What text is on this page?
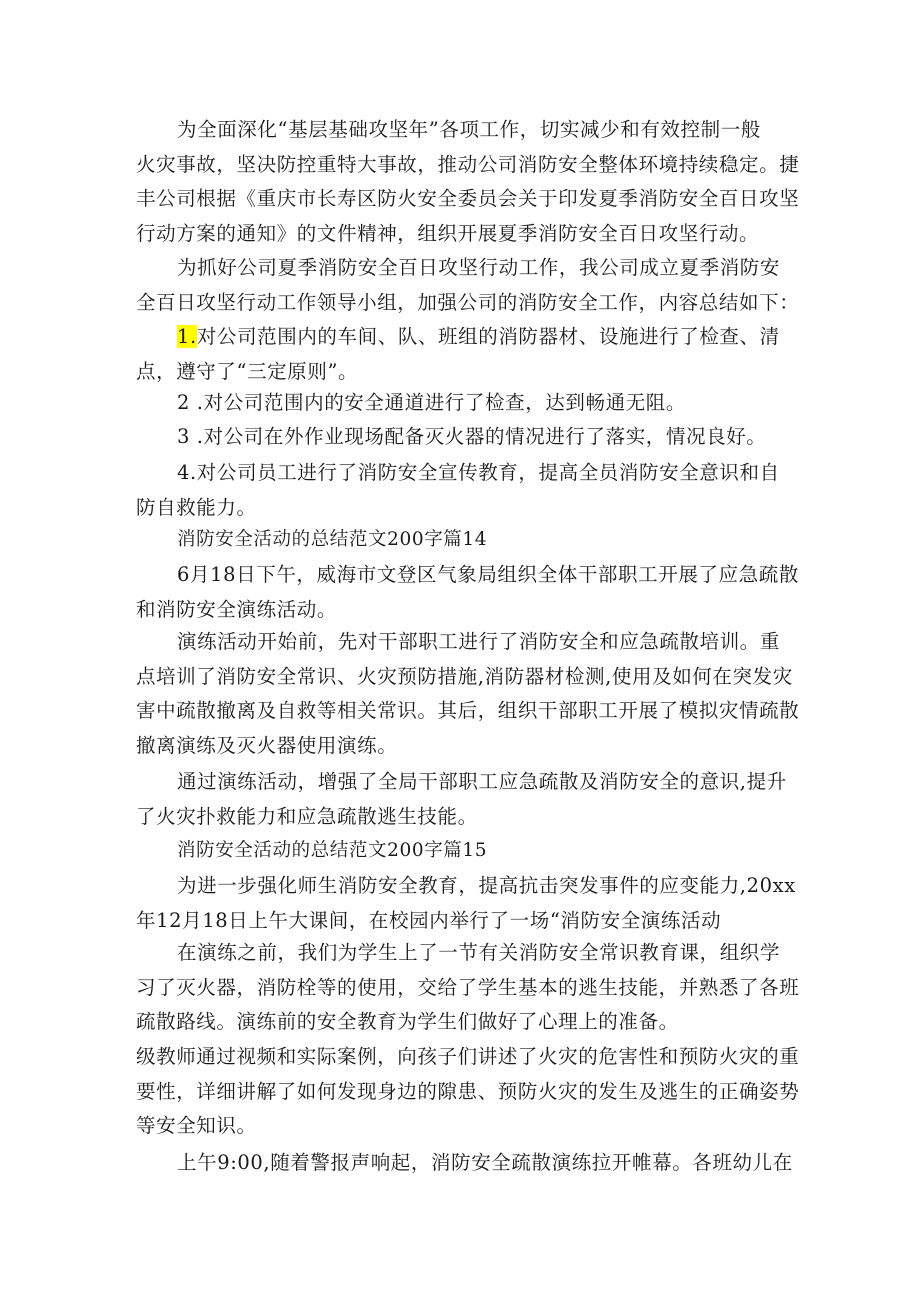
为全面深化“基层基础攻坚年”各项工作，切实减少和有效控制一般
火灾事故，坚决防控重特大事故，推动公司消防安全整体环境持续稳定。捷
丰公司根据《重庆市长寿区防火安全委员会关于印发夏季消防安全百日攻坚
行动方案的通知》的文件精神，组织开展夏季消防安全百日攻坚行动。
为抓好公司夏季消防安全百日攻坚行动工作，我公司成立夏季消防安
全百日攻坚行动工作领导小组，加强公司的消防安全工作，内容总结如下：
1.对公司范围内的车间、队、班组的消防器材、设施进行了检查、清
点，遵守了“三定原则”。
2 .对公司范围内的安全通道进行了检查，达到畅通无阻。
3 .对公司在外作业现场配备灭火器的情况进行了落实，情况良好。
4.对公司员工进行了消防安全宣传教育，提高全员消防安全意识和自
防自救能力。
消防安全活动的总结范文200字篇14
6月18日下午，威海市文登区气象局组织全体干部职工开展了应急疏散
和消防安全演练活动。
演练活动开始前，先对干部职工进行了消防安全和应急疏散培训。重
点培训了消防安全常识、火灾预防措施,消防器材检测,使用及如何在突发灾
害中疏散撤离及自救等相关常识。其后，组织干部职工开展了模拟灾情疏散
撤离演练及灭火器使用演练。
通过演练活动，增强了全局干部职工应急疏散及消防安全的意识,提升
了火灾扑救能力和应急疏散逃生技能。
消防安全活动的总结范文200字篇15
为进一步强化师生消防安全教育，提高抗击突发事件的应变能力,20xx
年12月18日上午大课间，在校园内举行了一场“消防安全演练活动
在演练之前，我们为学生上了一节有关消防安全常识教育课，组织学
习了灭火器，消防栓等的使用，交给了学生基本的逃生技能，并熟悉了各班
疏散路线。演练前的安全教育为学生们做好了心理上的准备。
级教师通过视频和实际案例，向孩子们讲述了火灾的危害性和预防火灾的重
要性，详细讲解了如何发现身边的隙患、预防火灾的发生及逃生的正确姿势
等安全知识。
上午9:00,随着警报声响起，消防安全疏散演练拉开帷幕。各班幼儿在
